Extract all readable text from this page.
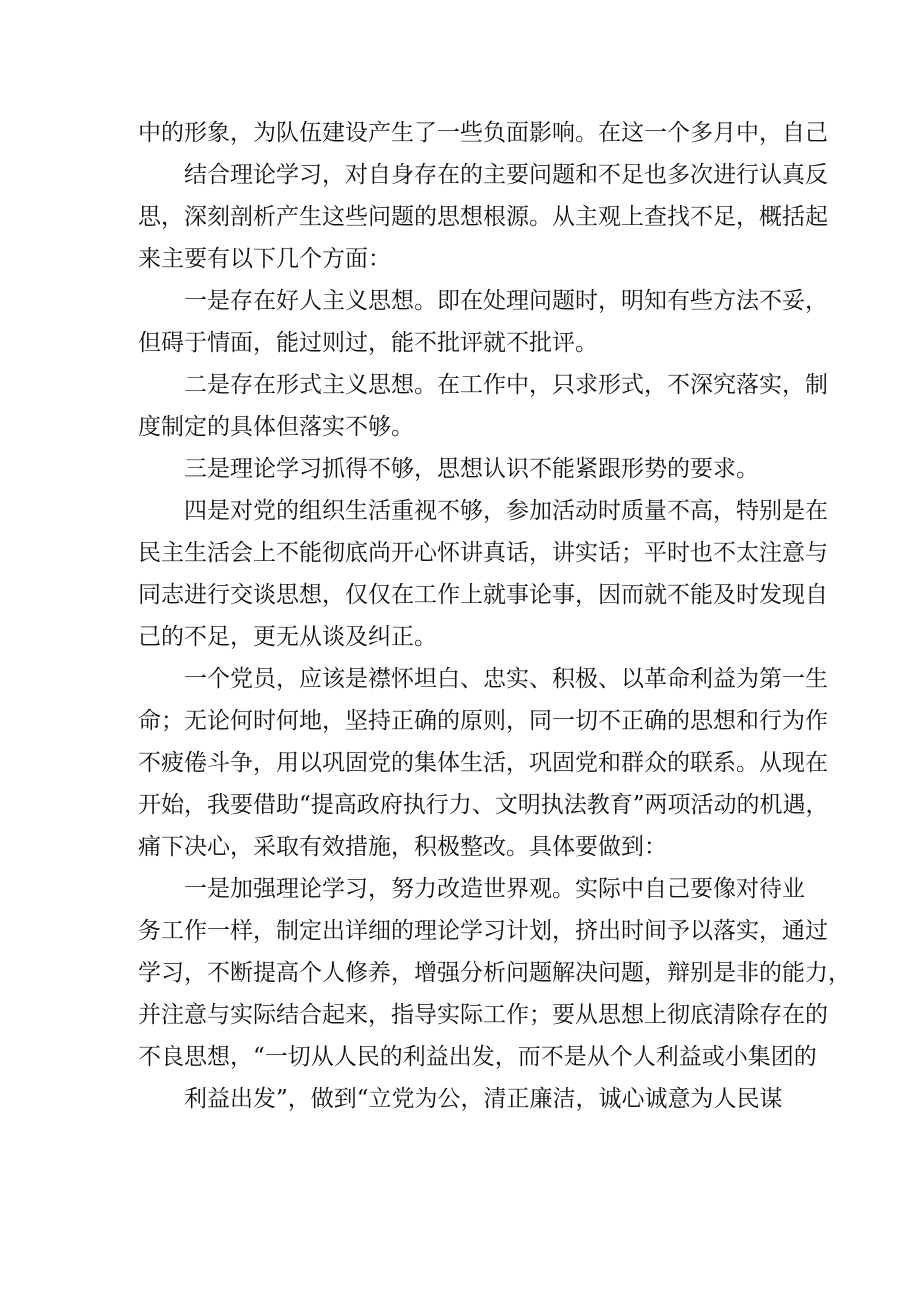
中的形象，为队伍建设产生了一些负面影响。在这一个多月中，自己

结合理论学习，对自身存在的主要问题和不足也多次进行认真反
思，深刻剖析产生这些问题的思想根源。从主观上查找不足，概括起
来主要有以下几个方面：

一是存在好人主义思想。即在处理问题时，明知有些方法不妥，
但碍于情面，能过则过，能不批评就不批评。

二是存在形式主义思想。在工作中，只求形式，不深究落实，制
度制定的具体但落实不够。

三是理论学习抓得不够，思想认识不能紧跟形势的要求。

四是对党的组织生活重视不够，参加活动时质量不高，特别是在
民主生活会上不能彻底尚开心怀讲真话，讲实话；平时也不太注意与
同志进行交谈思想，仅仅在工作上就事论事，因而就不能及时发现自
己的不足，更无从谈及纠正。

一个党员，应该是襟怀坦白、忠实、积极、以革命利益为第一生
命；无论何时何地，坚持正确的原则，同一切不正确的思想和行为作
不疲倦斗争，用以巩固党的集体生活，巩固党和群众的联系。从现在
开始，我要借助“提高政府执行力、文明执法教育”两项活动的机遇，
痛下决心，采取有效措施，积极整改。具体要做到：

一是加强理论学习，努力改造世界观。实际中自己要像对待业
务工作一样，制定出详细的理论学习计划，挤出时间予以落实，通过
学习，不断提高个人修养，增强分析问题解决问题，辩别是非的能力，
并注意与实际结合起来，指导实际工作；要从思想上彻底清除存在的
不良思想，“一切从人民的利益出发，而不是从个人利益或小集团的

利益出发”，做到“立党为公，清正廉洁，诚心诚意为人民谋
